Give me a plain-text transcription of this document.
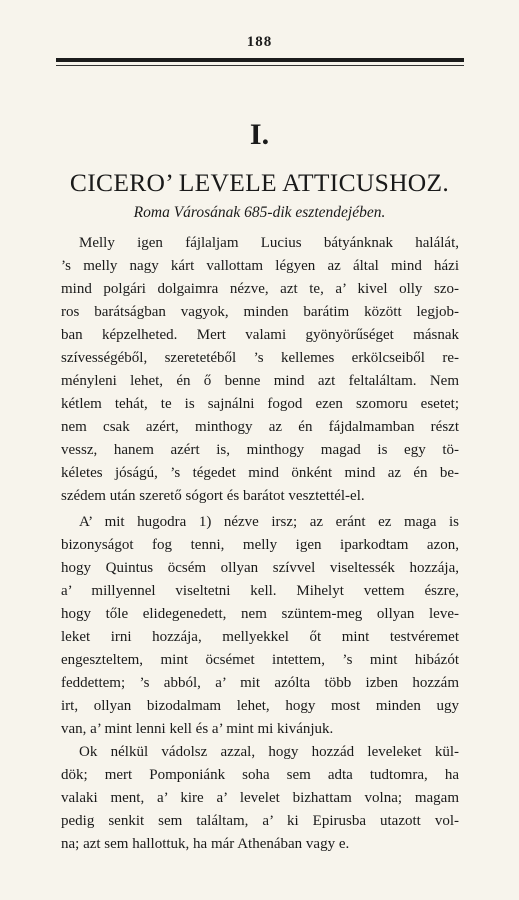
188
I.
CICERO’ LEVELE ATTICUSHOZ.
Roma Városának 685-dik esztendejében.
Melly igen fájlaljam Lucius bátyánknak halálát,
’s melly nagy kárt vallottam légyen az által mind házi
mind polgári dolgaimra nézve, azt te, a’ kivel olly szo-
ros barátságban vagyok, minden barátim között legjob-
ban képzelheted. Mert valami gyönyörűséget másnak
szívességéből, szeretetéből ’s kellemes erkölcseiből re-
ményleni lehet, én ő benne mind azt feltaláltam. Nem
kétlem tehát, te is sajnálni fogod ezen szomoru esetet;
nem csak azért, minthogy az én fájdalmamban részt
vessz, hanem azért is, minthogy magad is egy tö-
kéletes jóságú, ’s tégedet mind önként mind az én be-
szédem után szerető sógort és barátot vesztettél-el.
A’ mit hugodra 1) nézve irsz; az eránt ez maga is
bizonyságot fog tenni, melly igen iparkodtam azon,
hogy Quintus öcsém ollyan szívvel viseltessék hozzája,
a’ millyennel viseltetni kell. Mihelyt vettem észre,
hogy tőle elidegenedett, nem szüntem-meg ollyan leve-
leket irni hozzája, mellyekkel őt mint testvéremet
engeszteltem, mint öcsémet intettem, ’s mint hibázót
feddettem; ’s abból, a’ mit azólta több izben hozzám
irt, ollyan bizodalmam lehet, hogy most minden ugy
van, a’ mint lenni kell és a’ mint mi kivánjuk.
Ok nélkül vádolsz azzal, hogy hozzád leveleket kül-
dök; mert Pomponiánk soha sem adta tudtomra, ha
valaki ment, a’ kire a’ levelet bizhattam volna; magam
pedig senkit sem találtam, a’ ki Epirusba utazott vol-
na; azt sem hallottuk, ha már Athenában vagy e.
